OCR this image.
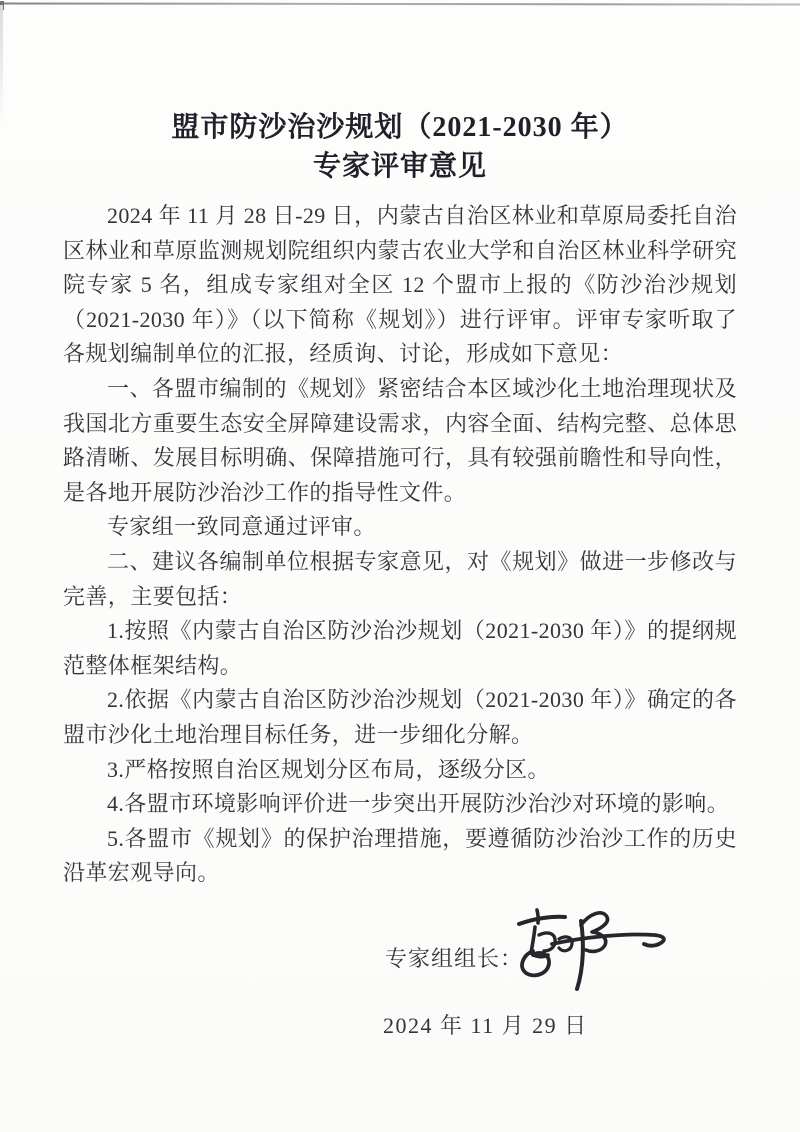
盟市防沙治沙规划（2021-2030 年）
专家评审意见

2024 年 11 月 28 日-29 日，内蒙古自治区林业和草原局委托自治区林业和草原监测规划院组织内蒙古农业大学和自治区林业科学研究院专家 5 名，组成专家组对全区 12 个盟市上报的《防沙治沙规划（2021-2030 年）》（以下简称《规划》）进行评审。评审专家听取了各规划编制单位的汇报，经质询、讨论，形成如下意见：

一、各盟市编制的《规划》紧密结合本区域沙化土地治理现状及我国北方重要生态安全屏障建设需求，内容全面、结构完整、总体思路清晰、发展目标明确、保障措施可行，具有较强前瞻性和导向性，是各地开展防沙治沙工作的指导性文件。

专家组一致同意通过评审。

二、建议各编制单位根据专家意见，对《规划》做进一步修改与完善，主要包括：

1.按照《内蒙古自治区防沙治沙规划（2021-2030 年）》的提纲规范整体框架结构。

2.依据《内蒙古自治区防沙治沙规划（2021-2030 年）》确定的各盟市沙化土地治理目标任务，进一步细化分解。

3.严格按照自治区规划分区布局，逐级分区。

4.各盟市环境影响评价进一步突出开展防沙治沙对环境的影响。

5.各盟市《规划》的保护治理措施，要遵循防沙治沙工作的历史沿革宏观导向。

专家组组长：
2024 年 11 月 29 日
